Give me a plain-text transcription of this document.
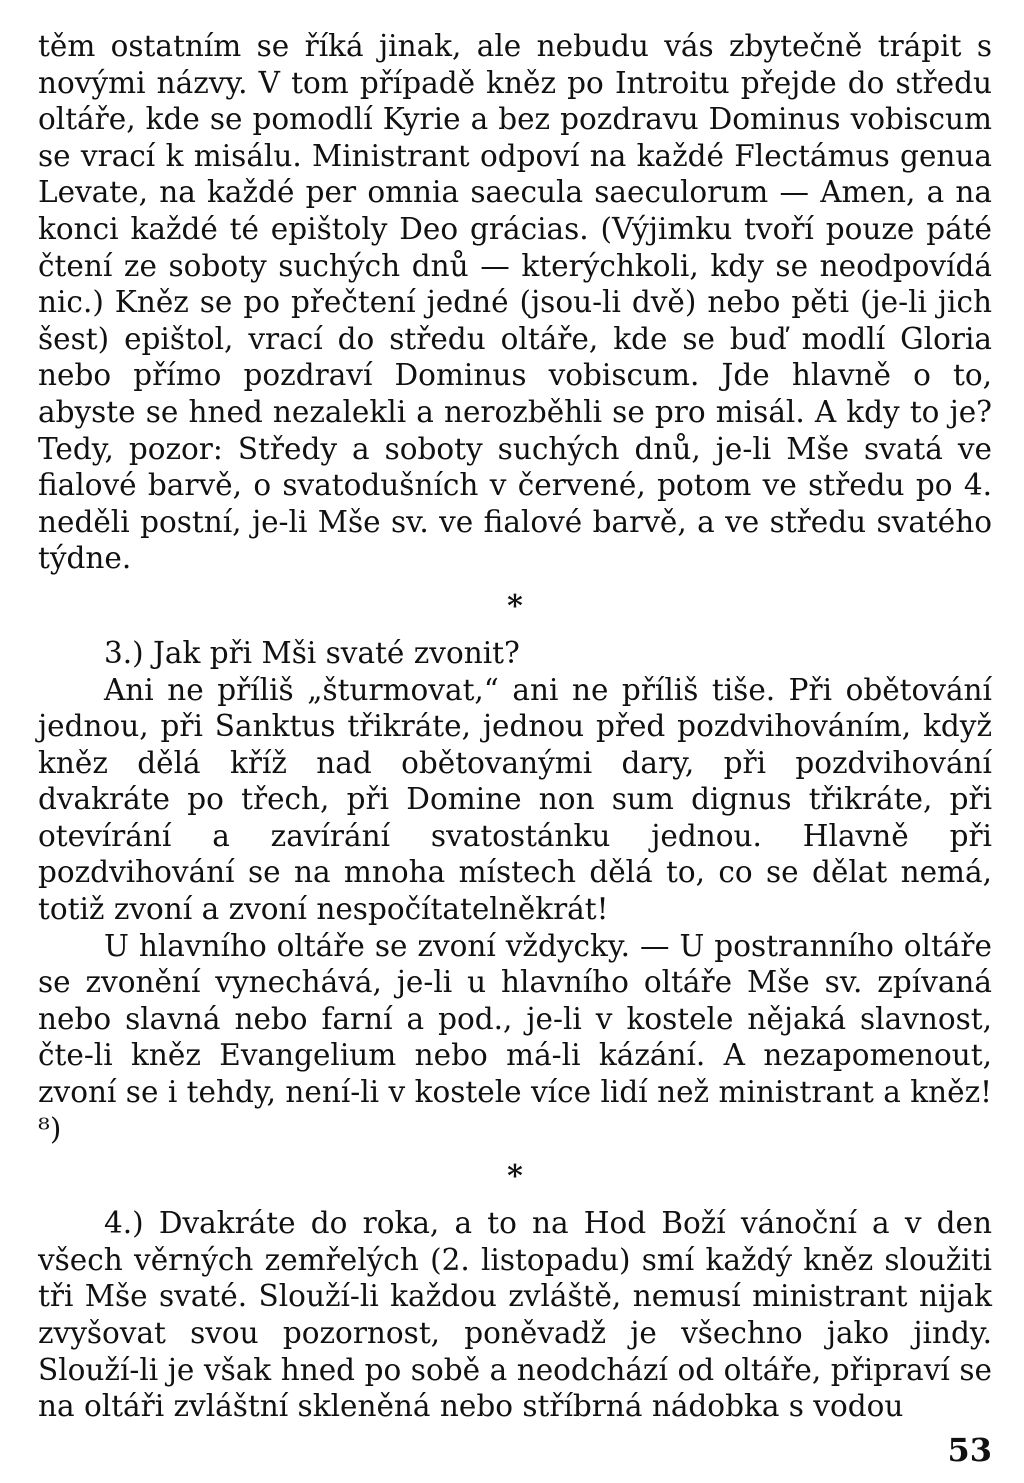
těm ostatním se říká jinak, ale nebudu vás zbytečně trápit s novými názvy. V tom případě kněz po Introitu přejde do středu oltáře, kde se pomodlí Kyrie a bez pozdravu Dominus vobiscum se vrací k misálu. Ministrant odpoví na každé Flectámus genua Levate, na každé per omnia saecula saeculorum — Amen, a na konci každé té epištoly Deo grácias. (Výjimku tvoří pouze páté čtení ze soboty suchých dnů — kterýchkoli, kdy se neodpovídá nic.) Kněz se po přečtení jedné (jsou-li dvě) nebo pěti (je-li jich šest) epištol, vrací do středu oltáře, kde se buď modlí Gloria nebo přímo pozdraví Dominus vobiscum. Jde hlavně o to, abyste se hned nezalekli a nerozběhli se pro misál. A kdy to je? Tedy, pozor: Středy a soboty suchých dnů, je-li Mše svatá ve fialové barvě, o svatodušních v červené, potom ve středu po 4. neděli postní, je-li Mše sv. ve fialové barvě, a ve středu svatého týdne.

*

3.) Jak při Mši svaté zvonit?

Ani ne příliš „šturmovat,“ ani ne příliš tiše. Při obětování jednou, při Sanktus třikráte, jednou před pozdvihováním, když kněz dělá kříž nad obětovanými dary, při pozdvihování dvakráte po třech, při Domine non sum dignus třikráte, při otevírání a zavírání svatostánku jednou. Hlavně při pozdvihování se na mnoha místech dělá to, co se dělat nemá, totiž zvoní a zvoní nespočítatelněkrát!

U hlavního oltáře se zvoní vždycky. — U postranního oltáře se zvonění vynechává, je-li u hlavního oltáře Mše sv. zpívaná nebo slavná nebo farní a pod., je-li v kostele nějaká slavnost, čte-li kněz Evangelium nebo má-li kázání. A nezapomenout, zvoní se i tehdy, není-li v kostele více lidí než ministrant a kněz! ⁸)

*

4.) Dvakráte do roka, a to na Hod Boží vánoční a v den všech věrných zemřelých (2. listopadu) smí každý kněz sloužiti tři Mše svaté. Slouží-li každou zvláště, nemusí ministrant nijak zvyšovat svou pozornost, poněvadž je všechno jako jindy. Slouží-li je však hned po sobě a neodchází od oltáře, připraví se na oltáři zvláštní skleněná nebo stříbrná nádobka s vodou

53
